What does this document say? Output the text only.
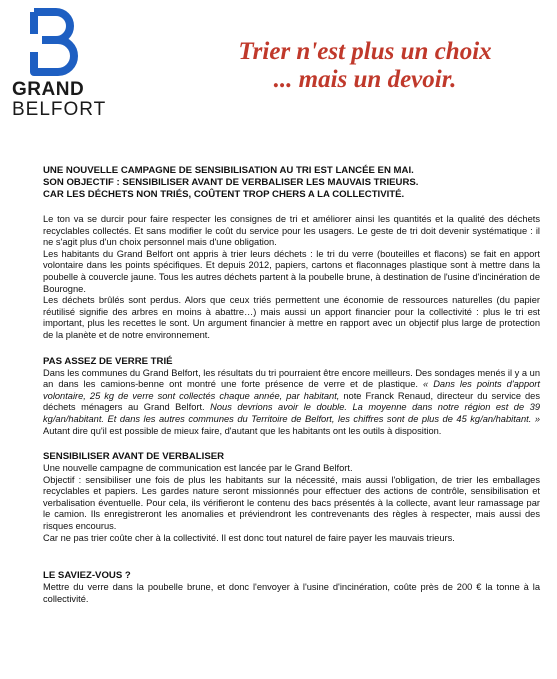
GRAND
BELFORT
Trier n'est plus un choix
... mais un devoir.
UNE NOUVELLE CAMPAGNE DE SENSIBILISATION AU TRI EST LANCÉE EN MAI.
SON OBJECTIF : SENSIBILISER AVANT DE VERBALISER LES MAUVAIS TRIEURS.
CAR LES DÉCHETS NON TRIÉS, COÛTENT TROP CHERS A LA COLLECTIVITÉ.

Le ton va se durcir pour faire respecter les consignes de tri et améliorer ainsi les quantités et la qualité des déchets recyclables collectés. Et sans modifier le coût du service pour les usagers. Le geste de tri doit devenir systématique : il ne s'agit plus d'un choix personnel mais d'une obligation.

Les habitants du Grand Belfort ont appris à trier leurs déchets : le tri du verre (bouteilles et flacons) se fait en apport volontaire dans les points spécifiques. Et depuis 2012, papiers, cartons et flaconnages plastique sont à mettre dans la poubelle à couvercle jaune. Tous les autres déchets partent à la poubelle brune, à destination de l'usine d'incinération de Bourogne.

Les déchets brûlés sont perdus. Alors que ceux triés permettent une économie de ressources naturelles (du papier réutilisé signifie des arbres en moins à abattre…) mais aussi un apport financier pour la collectivité : plus le tri est important, plus les recettes le sont. Un argument financier à mettre en rapport avec un objectif plus large de protection de la planète et de notre environnement.

PAS ASSEZ DE VERRE TRIÉ

Dans les communes du Grand Belfort, les résultats du tri pourraient être encore meilleurs. Des sondages menés il y a un an dans les camions-benne ont montré une forte présence de verre et de plastique. « Dans les points d'apport volontaire, 25 kg de verre sont collectés chaque année, par habitant, note Franck Renaud, directeur du service des déchets ménagers au Grand Belfort. Nous devrions avoir le double. La moyenne dans notre région est de 39 kg/an/habitant. Et dans les autres communes du Territoire de Belfort, les chiffres sont de plus de 45 kg/an/habitant. » Autant dire qu'il est possible de mieux faire, d'autant que les habitants ont les outils à disposition.

SENSIBILISER AVANT DE VERBALISER

Une nouvelle campagne de communication est lancée par le Grand Belfort.

Objectif : sensibiliser une fois de plus les habitants sur la nécessité, mais aussi l'obligation, de trier les emballages recyclables et papiers. Les gardes nature seront missionnés pour effectuer des actions de contrôle, sensibilisation et verbalisation éventuelle. Pour cela, ils vérifieront le contenu des bacs présentés à la collecte, avant leur ramassage par le camion. Ils enregistreront les anomalies et préviendront les contrevenants des règles à respecter, mais aussi des risques encourus.

Car ne pas trier coûte cher à la collectivité. Il est donc tout naturel de faire payer les mauvais trieurs.

LE SAVIEZ-VOUS ?

Mettre du verre dans la poubelle brune, et donc l'envoyer à l'usine d'incinération, coûte près de 200 € la tonne à la collectivité.
